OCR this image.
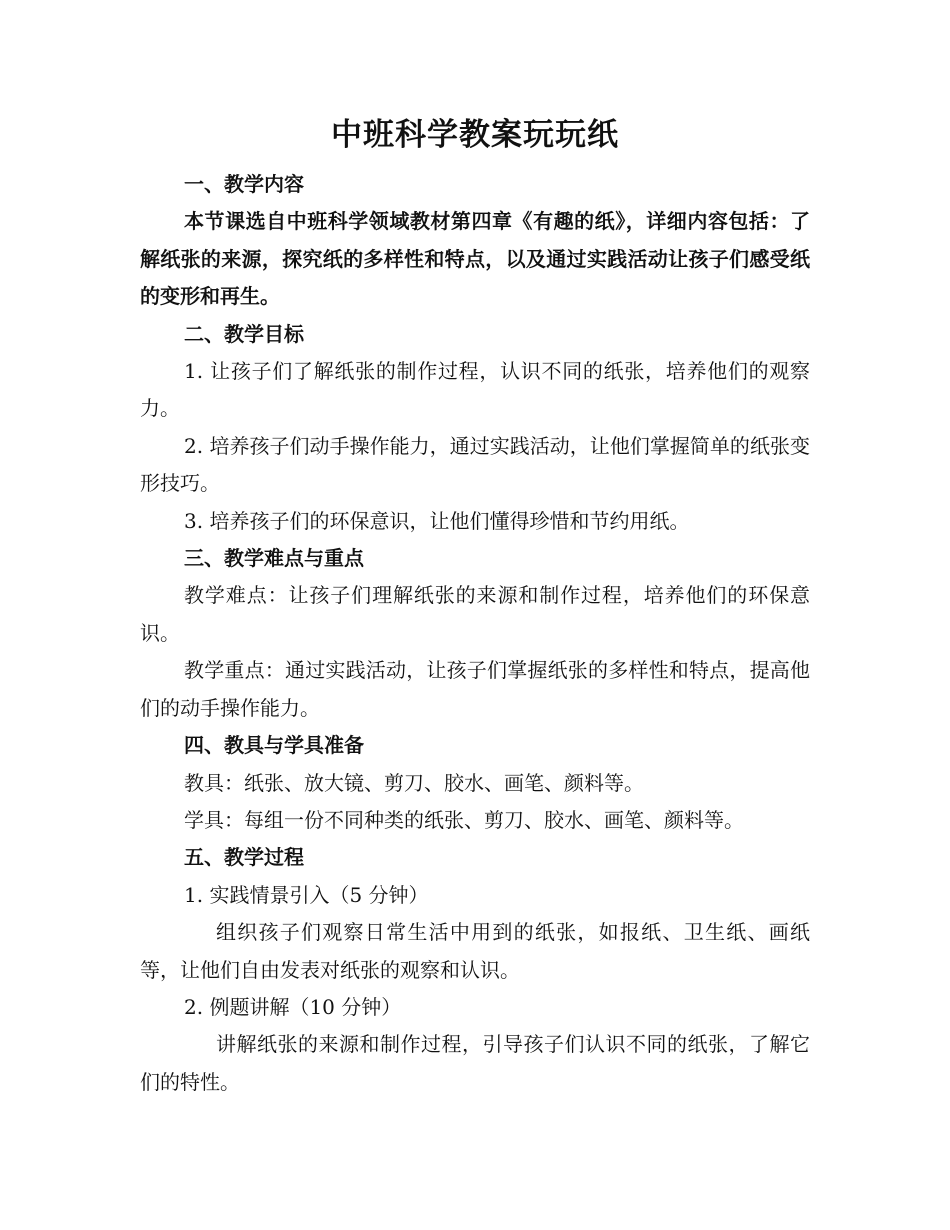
中班科学教案玩玩纸

一、教学内容

本节课选自中班科学领域教材第四章《有趣的纸》，详细内容包括：了解纸张的来源，探究纸的多样性和特点，以及通过实践活动让孩子们感受纸的变形和再生。

二、教学目标

1. 让孩子们了解纸张的制作过程，认识不同的纸张，培养他们的观察力。

2. 培养孩子们动手操作能力，通过实践活动，让他们掌握简单的纸张变形技巧。

3. 培养孩子们的环保意识，让他们懂得珍惜和节约用纸。

三、教学难点与重点

教学难点：让孩子们理解纸张的来源和制作过程，培养他们的环保意识。

教学重点：通过实践活动，让孩子们掌握纸张的多样性和特点，提高他们的动手操作能力。

四、教具与学具准备

教具：纸张、放大镜、剪刀、胶水、画笔、颜料等。

学具：每组一份不同种类的纸张、剪刀、胶水、画笔、颜料等。

五、教学过程

1. 实践情景引入（5 分钟）

组织孩子们观察日常生活中用到的纸张，如报纸、卫生纸、画纸等，让他们自由发表对纸张的观察和认识。

2. 例题讲解（10 分钟）

讲解纸张的来源和制作过程，引导孩子们认识不同的纸张，了解它们的特性。
